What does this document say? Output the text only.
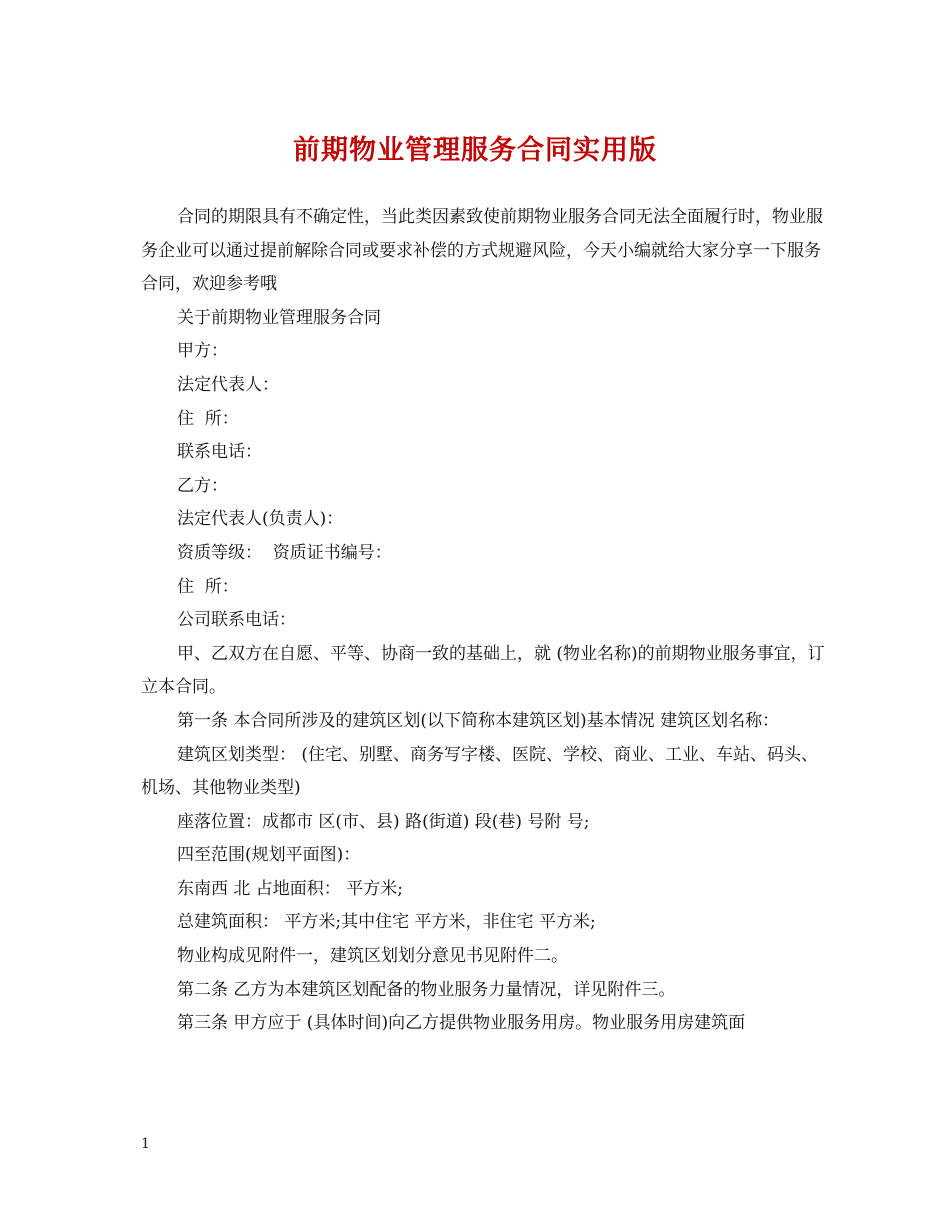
前期物业管理服务合同实用版

合同的期限具有不确定性，当此类因素致使前期物业服务合同无法全面履行时，物业服务企业可以通过提前解除合同或要求补偿的方式规避风险，今天小编就给大家分享一下服务合同，欢迎参考哦

关于前期物业管理服务合同

甲方：

法定代表人：

住  所：

联系电话：

乙方：

法定代表人(负责人)：

资质等级：  资质证书编号：

住  所：

公司联系电话：

甲、乙双方在自愿、平等、协商一致的基础上，就 (物业名称)的前期物业服务事宜，订立本合同。

第一条 本合同所涉及的建筑区划(以下简称本建筑区划)基本情况 建筑区划名称：

建筑区划类型： (住宅、别墅、商务写字楼、医院、学校、商业、工业、车站、码头、机场、其他物业类型)

座落位置：成都市 区(市、县) 路(街道) 段(巷) 号附 号;

四至范围(规划平面图)：

东南西 北 占地面积： 平方米;

总建筑面积： 平方米;其中住宅 平方米，非住宅 平方米;

物业构成见附件一，建筑区划划分意见书见附件二。

第二条 乙方为本建筑区划配备的物业服务力量情况，详见附件三。

第三条 甲方应于 (具体时间)向乙方提供物业服务用房。物业服务用房建筑面

1
